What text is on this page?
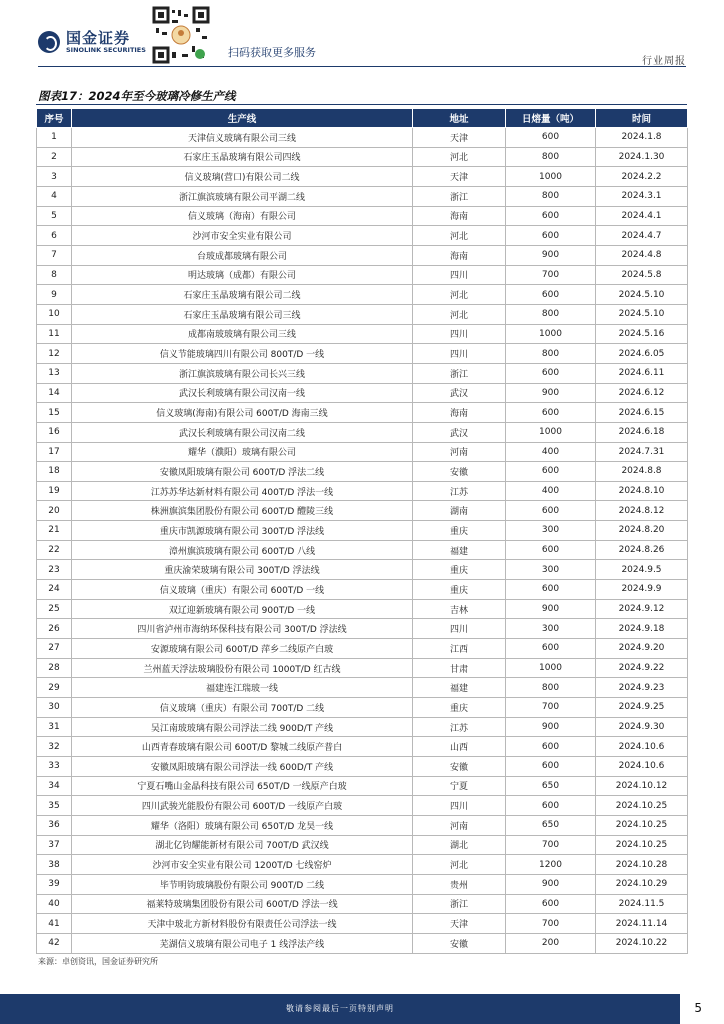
国金证券
SINOLINK SECURITIES	扫码获取更多服务
行业周报
图表17：2024年至今玻璃冷修生产线
序号	生产线	地址	日熔量（吨）	时间
1	天津信义玻璃有限公司三线	天津	600	2024.1.8
2	石家庄玉晶玻璃有限公司四线	河北	800	2024.1.30
3	信义玻璃(营口)有限公司二线	天津	1000	2024.2.2
4	浙江旗滨玻璃有限公司平湖二线	浙江	800	2024.3.1
5	信义玻璃（海南）有限公司	海南	600	2024.4.1
6	沙河市安全实业有限公司	河北	600	2024.4.7
7	台玻成都玻璃有限公司	海南	900	2024.4.8
8	明达玻璃（成都）有限公司	四川	700	2024.5.8
9	石家庄玉晶玻璃有限公司二线	河北	600	2024.5.10
10	石家庄玉晶玻璃有限公司三线	河北	800	2024.5.10
11	成都南玻玻璃有限公司三线	四川	1000	2024.5.16
12	信义节能玻璃四川有限公司 800T/D 一线	四川	800	2024.6.05
13	浙江旗滨玻璃有限公司长兴三线	浙江	600	2024.6.11
14	武汉长利玻璃有限公司汉南一线	武汉	900	2024.6.12
15	信义玻璃(海南)有限公司 600T/D 海南三线	海南	600	2024.6.15
16	武汉长利玻璃有限公司汉南二线	武汉	1000	2024.6.18
17	耀华（濮阳）玻璃有限公司	河南	400	2024.7.31
18	安徽凤阳玻璃有限公司 600T/D 浮法二线	安徽	600	2024.8.8
19	江苏苏华达新材料有限公司 400T/D 浮法一线	江苏	400	2024.8.10
20	株洲旗滨集团股份有限公司 600T/D 醴陵三线	湖南	600	2024.8.12
21	重庆市凯源玻璃有限公司 300T/D 浮法线	重庆	300	2024.8.20
22	漳州旗滨玻璃有限公司 600T/D 八线	福建	600	2024.8.26
23	重庆渝荣玻璃有限公司 300T/D 浮法线	重庆	300	2024.9.5
24	信义玻璃（重庆）有限公司 600T/D 一线	重庆	600	2024.9.9
25	双辽迎新玻璃有限公司 900T/D 一线	吉林	900	2024.9.12
26	四川省泸州市海纳环保科技有限公司 300T/D 浮法线	四川	300	2024.9.18
27	安源玻璃有限公司 600T/D 萍乡二线原产白玻	江西	600	2024.9.20
28	兰州蓝天浮法玻璃股份有限公司 1000T/D 红古线	甘肃	1000	2024.9.22
29	福建连江瑞玻一线	福建	800	2024.9.23
30	信义玻璃（重庆）有限公司 700T/D 二线	重庆	700	2024.9.25
31	吴江南玻玻璃有限公司浮法二线 900D/T 产线	江苏	900	2024.9.30
32	山西青春玻璃有限公司 600T/D 黎城二线原产普白	山西	600	2024.10.6
33	安徽凤阳玻璃有限公司浮法一线 600D/T 产线	安徽	600	2024.10.6
34	宁夏石嘴山金晶科技有限公司 650T/D 一线原产白玻	宁夏	650	2024.10.12
35	四川武骏光能股份有限公司 600T/D 一线原产白玻	四川	600	2024.10.25
36	耀华（洛阳）玻璃有限公司 650T/D 龙昊一线	河南	650	2024.10.25
37	湖北亿钧耀能新材有限公司 700T/D 武汉线	湖北	700	2024.10.25
38	沙河市安全实业有限公司 1200T/D 七线窑炉	河北	1200	2024.10.28
39	毕节明钧玻璃股份有限公司 900T/D 二线	贵州	900	2024.10.29
40	福莱特玻璃集团股份有限公司 600T/D 浮法一线	浙江	600	2024.11.5
41	天津中玻北方新材料股份有限责任公司浮法一线	天津	700	2024.11.14
42	芜湖信义玻璃有限公司电子 1 线浮法产线	安徽	200	2024.10.22
来源：卓创资讯，国金证券研究所
敬请参阅最后一页特别声明	5
